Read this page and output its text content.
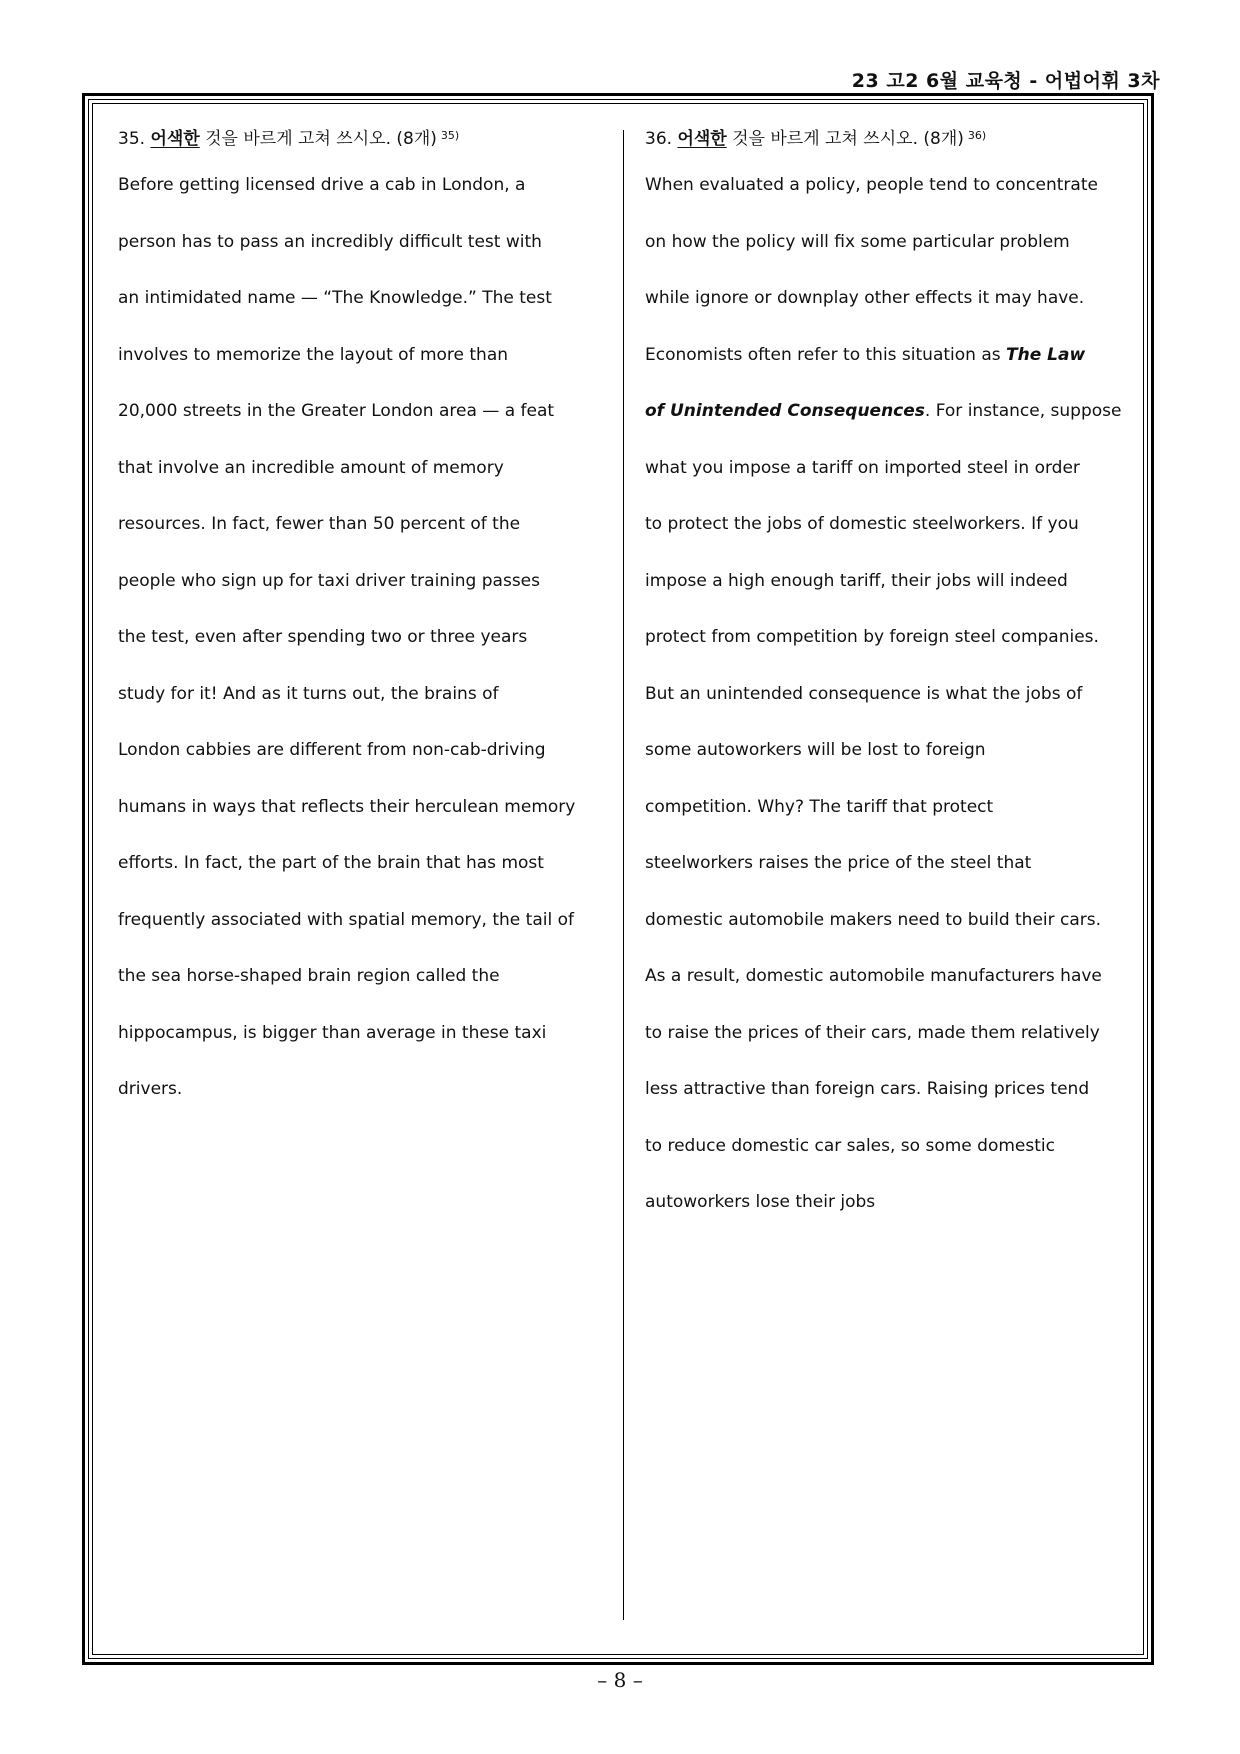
23 고2 6월 교육청 - 어법어휘 3차
35. 어색한 것을 바르게 고쳐 쓰시오. (8개) $^{35)}$
Before getting licensed drive a cab in London, a
person has to pass an incredibly difficult test with
an intimidated name — “The Knowledge.” The test
involves to memorize the layout of more than
20,000 streets in the Greater London area — a feat
that involve an incredible amount of memory
resources. In fact, fewer than 50 percent of the
people who sign up for taxi driver training passes
the test, even after spending two or three years
study for it! And as it turns out, the brains of
London cabbies are different from non-cab-driving
humans in ways that reflects their herculean memory
efforts. In fact, the part of the brain that has most
frequently associated with spatial memory, the tail of
the sea horse-shaped brain region called the
hippocampus, is bigger than average in these taxi
drivers.
36. 어색한 것을 바르게 고쳐 쓰시오. (8개) $^{36)}$
When evaluated a policy, people tend to concentrate
on how the policy will fix some particular problem
while ignore or downplay other effects it may have.
Economists often refer to this situation as The Law
of Unintended Consequences. For instance, suppose
what you impose a tariff on imported steel in order
to protect the jobs of domestic steelworkers. If you
impose a high enough tariff, their jobs will indeed
protect from competition by foreign steel companies.
But an unintended consequence is what the jobs of
some autoworkers will be lost to foreign
competition. Why? The tariff that protect
steelworkers raises the price of the steel that
domestic automobile makers need to build their cars.
As a result, domestic automobile manufacturers have
to raise the prices of their cars, made them relatively
less attractive than foreign cars. Raising prices tend
to reduce domestic car sales, so some domestic
autoworkers lose their jobs
– 8 –
